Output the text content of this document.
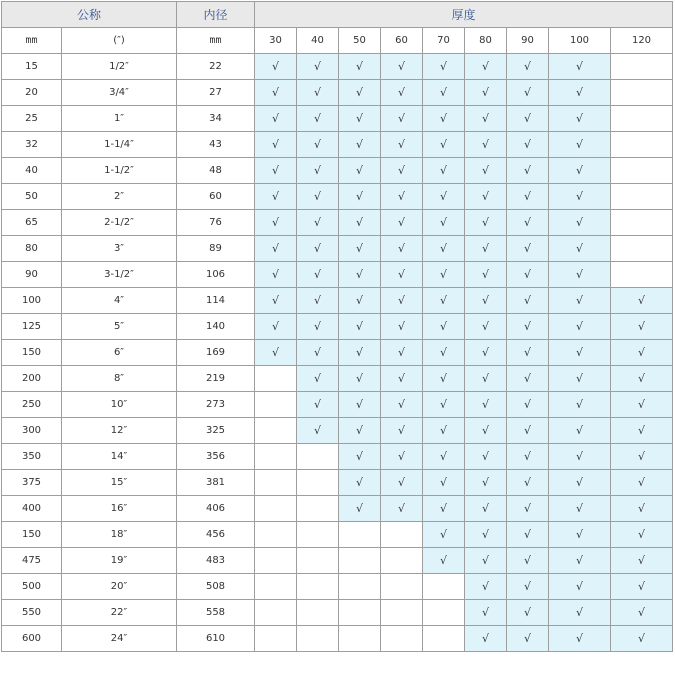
公称		内径	厚度								
mm	(″)	mm	30	40	50	60	70	80	90	100	120
15	1/2″	22	√	√	√	√	√	√	√	√	
20	3/4″	27	√	√	√	√	√	√	√	√	
25	1″	34	√	√	√	√	√	√	√	√	
32	1-1/4″	43	√	√	√	√	√	√	√	√	
40	1-1/2″	48	√	√	√	√	√	√	√	√	
50	2″	60	√	√	√	√	√	√	√	√	
65	2-1/2″	76	√	√	√	√	√	√	√	√	
80	3″	89	√	√	√	√	√	√	√	√	
90	3-1/2″	106	√	√	√	√	√	√	√	√	
100	4″	114	√	√	√	√	√	√	√	√	√
125	5″	140	√	√	√	√	√	√	√	√	√
150	6″	169	√	√	√	√	√	√	√	√	√
200	8″	219		√	√	√	√	√	√	√	√
250	10″	273		√	√	√	√	√	√	√	√
300	12″	325		√	√	√	√	√	√	√	√
350	14″	356			√	√	√	√	√	√	√
375	15″	381			√	√	√	√	√	√	√
400	16″	406			√	√	√	√	√	√	√
150	18″	456					√	√	√	√	√
475	19″	483					√	√	√	√	√
500	20″	508						√	√	√	√
550	22″	558						√	√	√	√
600	24″	610						√	√	√	√
